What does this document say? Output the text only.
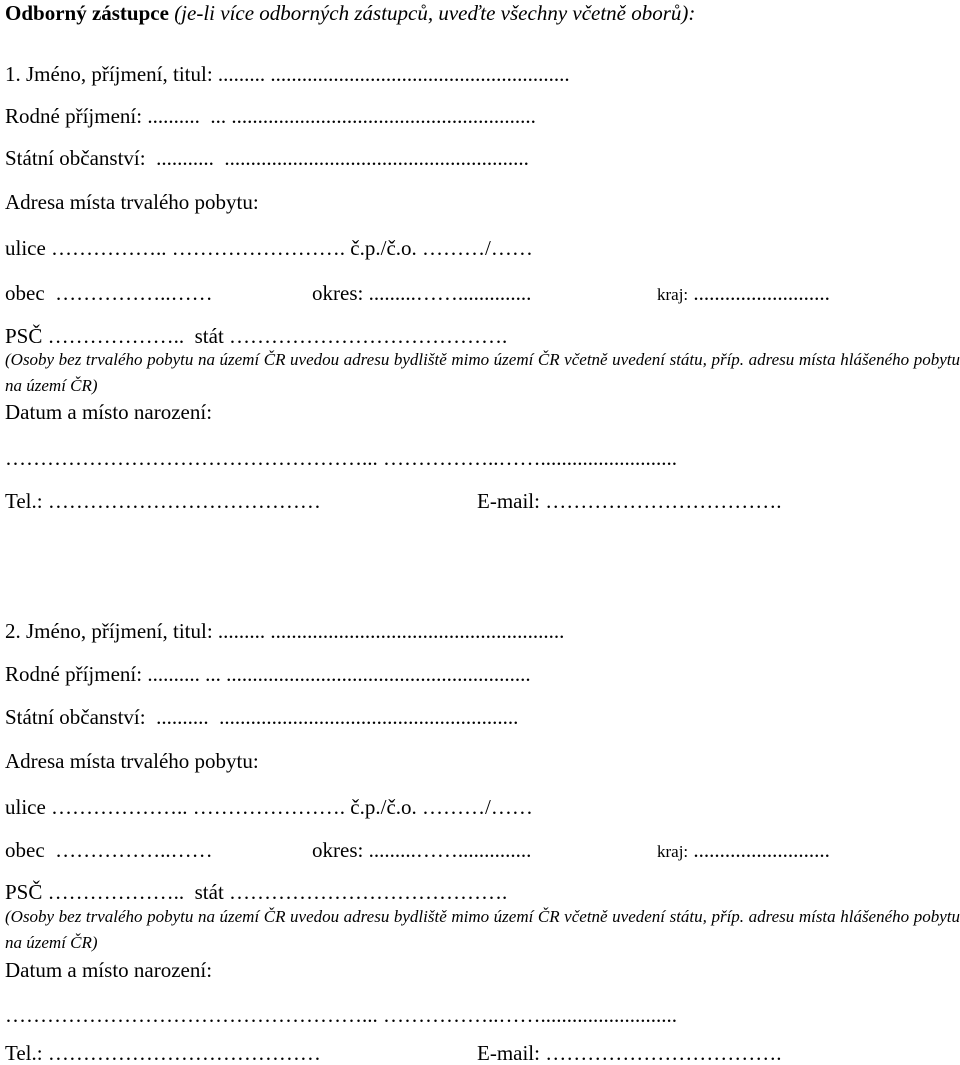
Odborný zástupce (je-li více odborných zástupců, uveďte všechny včetně oborů):
1. Jméno, příjmení, titul: ......... .........................................................
Rodné příjmení: ..........  ... ..........................................................
Státní občanství:  ...........  ..........................................................
Adresa místa trvalého pobytu:
ulice …………….. ……………………. č.p./č.o. ………/……
obec  ……………..……	okres: .........……..............	kraj: ..........................
PSČ ………………..  stát ………………………………….
(Osoby bez trvalého pobytu na území ČR uvedou adresu bydliště mimo území ČR včetně uvedení státu, příp. adresu místa hlášeného pobytu na území ČR)
Datum a místo narození:
……………………………………………... ……………..……..........................
Tel.: …………………………………	E-mail: …………………………….
2. Jméno, příjmení, titul: ......... ........................................................
Rodné příjmení: .......... ... ..........................................................
Státní občanství:  ..........  .........................................................
Adresa místa trvalého pobytu:
ulice ……………….. …………………. č.p./č.o. ………/……
obec  ……………..……	okres: .........……..............	kraj: ..........................
PSČ ………………..  stát ………………………………….
(Osoby bez trvalého pobytu na území ČR uvedou adresu bydliště mimo území ČR včetně uvedení státu, příp. adresu místa hlášeného pobytu na území ČR)
Datum a místo narození:
……………………………………………... ……………..……..........................
Tel.: …………………………………	E-mail: …………………………….
